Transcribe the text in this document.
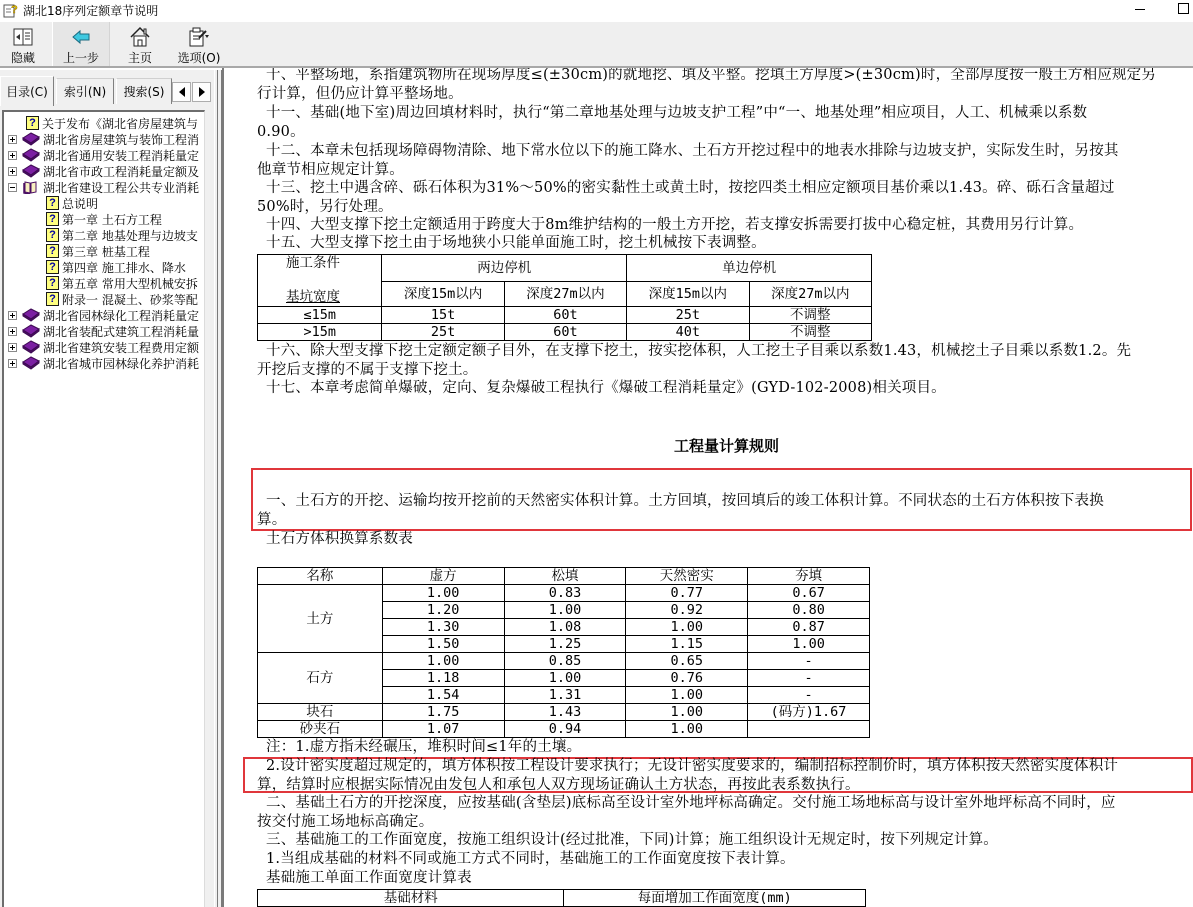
? 湖北18序列定额章节说明
隐藏 上一步 主页 选项(O)
目录(C)	索引(N)	搜索(S)
? 关于发布《湖北省房屋建筑与
湖北省房屋建筑与装饰工程消
湖北省通用安装工程消耗量定
湖北省市政工程消耗量定额及
湖北省建设工程公共专业消耗
? 总说明
? 第一章 土石方工程
? 第二章 地基处理与边坡支
? 第三章 桩基工程
? 第四章 施工排水、降水
? 第五章 常用大型机械安拆
? 附录一 混凝土、砂浆等配
湖北省园林绿化工程消耗量定
湖北省装配式建筑工程消耗量
湖北省建筑安装工程费用定额
湖北省城市园林绿化养护消耗
十、平整场地，系指建筑物所在现场厚度≤(±30cm)的就地挖、填及平整。挖填土方厚度>(±30cm)时，全部厚度按一般土方相应规定另
行计算，但仍应计算平整场地。
十一、基础(地下室)周边回填材料时，执行“第二章地基处理与边坡支护工程”中“一、地基处理”相应项目，人工、机械乘以系数
0.90。
十二、本章未包括现场障碍物清除、地下常水位以下的施工降水、土石方开挖过程中的地表水排除与边坡支护，实际发生时，另按其
他章节相应规定计算。
十三、挖土中遇含碎、砾石体积为31%～50%的密实黏性土或黄土时，按挖四类土相应定额项目基价乘以1.43。碎、砾石含量超过
50%时，另行处理。
十四、大型支撑下挖土定额适用于跨度大于8m维护结构的一般土方开挖，若支撑安拆需要打拔中心稳定桩，其费用另行计算。
十五、大型支撑下挖土由于场地狭小只能单面施工时，挖土机械按下表调整。
施工条件
基坑宽度	两边停机		单边停机	
	深度15m以内	深度27m以内	深度15m以内	深度27m以内
≤15m	15t	60t	25t	不调整
>15m	25t	60t	40t	不调整
十六、除大型支撑下挖土定额定额子目外，在支撑下挖土，按实挖体积，人工挖土子目乘以系数1.43，机械挖土子目乘以系数1.2。先
开挖后支撑的不属于支撑下挖土。
十七、本章考虑简单爆破，定向、复杂爆破工程执行《爆破工程消耗量定》(GYD-102-2008)相关项目。
工程量计算规则
一、土石方的开挖、运输均按开挖前的天然密实体积计算。土方回填，按回填后的竣工体积计算。不同状态的土石方体积按下表换
算。
土石方体积换算系数表
名称	虚方	松填	天然密实	夯填
土方	1.00	0.83	0.77	0.67
	1.20	1.00	0.92	0.80
	1.30	1.08	1.00	0.87
	1.50	1.25	1.15	1.00
石方	1.00	0.85	0.65	-
	1.18	1.00	0.76	-
	1.54	1.31	1.00	-
块石	1.75	1.43	1.00	(码方)1.67
砂夹石	1.07	0.94	1.00	
注：1.虚方指未经碾压，堆积时间≤1年的土壤。
2.设计密实度超过规定的，填方体积按工程设计要求执行；无设计密实度要求的，编制招标控制价时，填方体积按天然密实度体积计
算，结算时应根据实际情况由发包人和承包人双方现场证确认土方状态，再按此表系数执行。
二、基础土石方的开挖深度，应按基础(含垫层)底标高至设计室外地坪标高确定。交付施工场地标高与设计室外地坪标高不同时，应
按交付施工场地标高确定。
三、基础施工的工作面宽度，按施工组织设计(经过批准，下同)计算；施工组织设计无规定时，按下列规定计算。
1.当组成基础的材料不同或施工方式不同时，基础施工的工作面宽度按下表计算。
基础施工单面工作面宽度计算表
基础材料	每面增加工作面宽度(mm)
